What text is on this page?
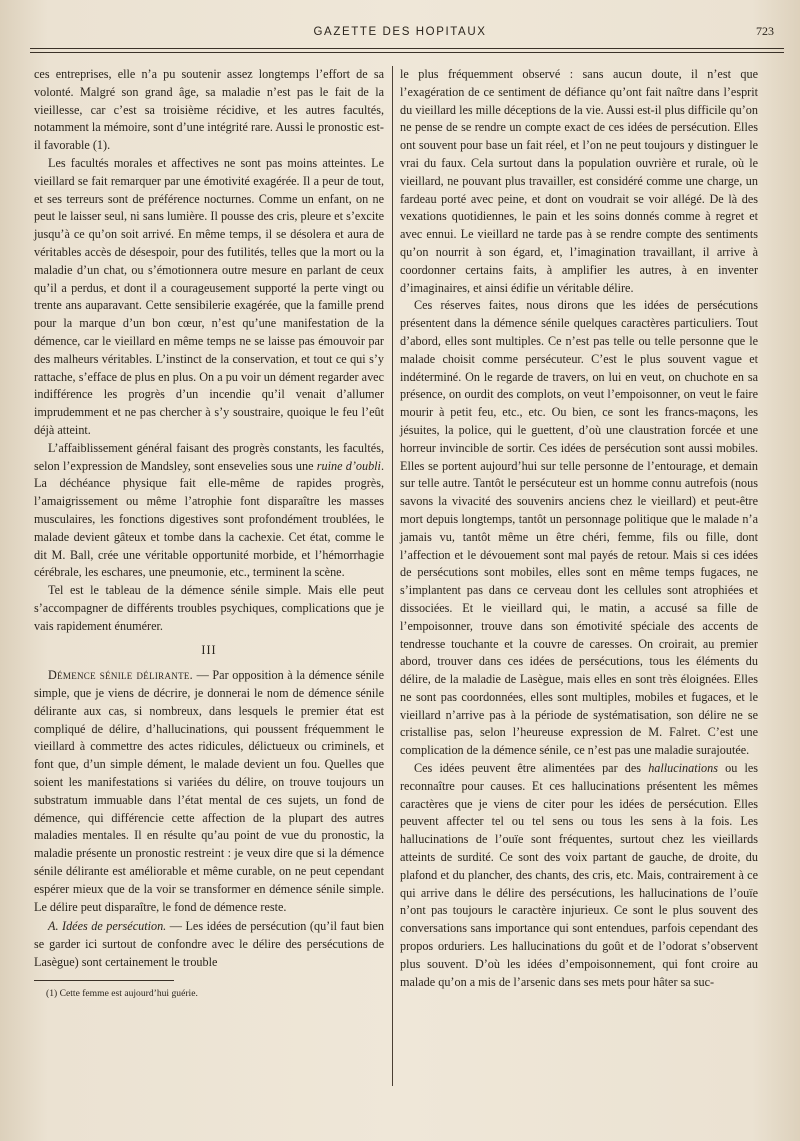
GAZETTE DES HOPITAUX	723

ces entreprises, elle n’a pu soutenir assez longtemps l’effort de sa volonté. Malgré son grand âge, sa maladie n’est pas le fait de la vieillesse, car c’est sa troisième récidive, et les autres facultés, notamment la mémoire, sont d’une intégrité rare. Aussi le pronostic est-il favorable (1).

Les facultés morales et affectives ne sont pas moins atteintes. Le vieillard se fait remarquer par une émotivité exagérée. Il a peur de tout, et ses terreurs sont de préférence nocturnes. Comme un enfant, on ne peut le laisser seul, ni sans lumière. Il pousse des cris, pleure et s’excite jusqu’à ce qu’on soit arrivé. En même temps, il se désolera et aura de véritables accès de désespoir, pour des futilités, telles que la mort ou la maladie d’un chat, ou s’émotionnera outre mesure en parlant de ceux qu’il a perdus, et dont il a courageusement supporté la perte vingt ou trente ans auparavant. Cette sensibilerie exagérée, que la famille prend pour la marque d’un bon cœur, n’est qu’une manifestation de la démence, car le vieillard en même temps ne se laisse pas émouvoir par des malheurs véritables. L’instinct de la conservation, et tout ce qui s’y rattache, s’efface de plus en plus. On a pu voir un dément regarder avec indifférence les progrès d’un incendie qu’il venait d’allumer imprudemment et ne pas chercher à s’y soustraire, quoique le feu l’eût déjà atteint.

L’affaiblissement général faisant des progrès constants, les facultés, selon l’expression de Mandsley, sont ensevelies sous une ruine d’oubli. La déchéance physique fait elle-même de rapides progrès, l’amaigrissement ou même l’atrophie font disparaître les masses musculaires, les fonctions digestives sont profondément troublées, le malade devient gâteux et tombe dans la cachexie. Cet état, comme le dit M. Ball, crée une véritable opportunité morbide, et l’hémorrhagie cérébrale, les eschares, une pneumonie, etc., terminent la scène.

Tel est le tableau de la démence sénile simple. Mais elle peut s’accompagner de différents troubles psychiques, complications que je vais rapidement énumérer.

III

Démence sénile délirante. — Par opposition à la démence sénile simple, que je viens de décrire, je donnerai le nom de démence sénile délirante aux cas, si nombreux, dans lesquels le premier état est compliqué de délire, d’hallucinations, qui poussent fréquemment le vieillard à commettre des actes ridicules, délictueux ou criminels, et font que, d’un simple dément, le malade devient un fou. Quelles que soient les manifestations si variées du délire, on trouve toujours un substratum immuable dans l’état mental de ces sujets, un fond de démence, qui différencie cette affection de la plupart des autres maladies mentales. Il en résulte qu’au point de vue du pronostic, la maladie présente un pronostic restreint : je veux dire que si la démence sénile délirante est améliorable et même curable, on ne peut cependant espérer mieux que de la voir se transformer en démence sénile simple. Le délire peut disparaître, le fond de démence reste.

A. Idées de persécution. — Les idées de persécution (qu’il faut bien se garder ici surtout de confondre avec le délire des persécutions de Lasègue) sont certainement le trouble

(1) Cette femme est aujourd’hui guérie.

le plus fréquemment observé : sans aucun doute, il n’est que l’exagération de ce sentiment de défiance qu’ont fait naître dans l’esprit du vieillard les mille déceptions de la vie. Aussi est-il plus difficile qu’on ne pense de se rendre un compte exact de ces idées de persécution. Elles ont souvent pour base un fait réel, et l’on ne peut toujours y distinguer le vrai du faux. Cela surtout dans la population ouvrière et rurale, où le vieillard, ne pouvant plus travailler, est considéré comme une charge, un fardeau porté avec peine, et dont on voudrait se voir allégé. De là des vexations quotidiennes, le pain et les soins donnés comme à regret et avec ennui. Le vieillard ne tarde pas à se rendre compte des sentiments qu’on nourrit à son égard, et, l’imagination travaillant, il arrive à coordonner certains faits, à amplifier les autres, à en inventer d’imaginaires, et ainsi édifie un véritable délire.

Ces réserves faites, nous dirons que les idées de persécutions présentent dans la démence sénile quelques caractères particuliers. Tout d’abord, elles sont multiples. Ce n’est pas telle ou telle personne que le malade choisit comme persécuteur. C’est le plus souvent vague et indéterminé. On le regarde de travers, on lui en veut, on chuchote en sa présence, on ourdit des complots, on veut l’empoisonner, on veut le faire mourir à petit feu, etc., etc. Ou bien, ce sont les francs-maçons, les jésuites, la police, qui le guettent, d’où une claustration forcée et une horreur invincible de sortir. Ces idées de persécution sont aussi mobiles. Elles se portent aujourd’hui sur telle personne de l’entourage, et demain sur telle autre. Tantôt le persécuteur est un homme connu autrefois (nous savons la vivacité des souvenirs anciens chez le vieillard) et peut-être mort depuis longtemps, tantôt un personnage politique que le malade n’a jamais vu, tantôt même un être chéri, femme, fils ou fille, dont l’affection et le dévouement sont mal payés de retour. Mais si ces idées de persécutions sont mobiles, elles sont en même temps fugaces, ne s’implantent pas dans ce cerveau dont les cellules sont atrophiées et dissociées. Et le vieillard qui, le matin, a accusé sa fille de l’empoisonner, trouve dans son émotivité spéciale des accents de tendresse touchante et la couvre de caresses. On croirait, au premier abord, trouver dans ces idées de persécutions, tous les éléments du délire, de la maladie de Lasègue, mais elles en sont très éloignées. Elles ne sont pas coordonnées, elles sont multiples, mobiles et fugaces, et le vieillard n’arrive pas à la période de systématisation, son délire ne se cristallise pas, selon l’heureuse expression de M. Falret. C’est une complication de la démence sénile, ce n’est pas une maladie surajoutée.

Ces idées peuvent être alimentées par des hallucinations ou les reconnaître pour causes. Et ces hallucinations présentent les mêmes caractères que je viens de citer pour les idées de persécution. Elles peuvent affecter tel ou tel sens ou tous les sens à la fois. Les hallucinations de l’ouïe sont fréquentes, surtout chez les vieillards atteints de surdité. Ce sont des voix partant de gauche, de droite, du plafond et du plancher, des chants, des cris, etc. Mais, contrairement à ce qui arrive dans le délire des persécutions, les hallucinations de l’ouïe n’ont pas toujours le caractère injurieux. Ce sont le plus souvent des conversations sans importance qui sont entendues, parfois cependant des propos orduriers. Les hallucinations du goût et de l’odorat s’observent plus souvent. D’où les idées d’empoisonnement, qui font croire au malade qu’on a mis de l’arsenic dans ses mets pour hâter sa suc-
